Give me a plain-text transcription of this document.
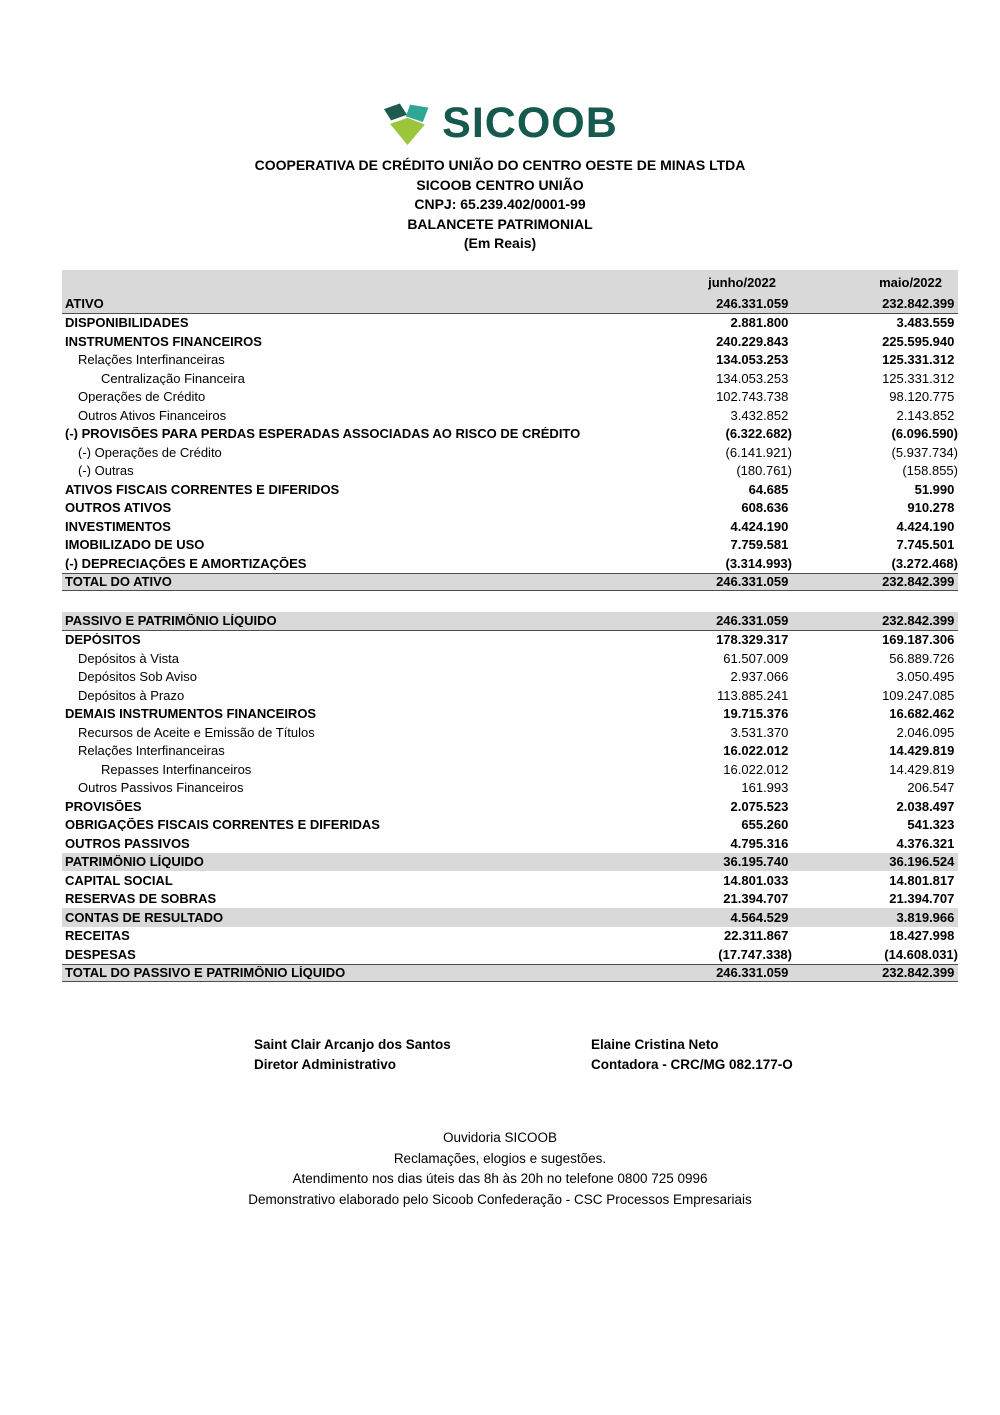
SICOOB
COOPERATIVA DE CRÉDITO UNIÃO DO CENTRO OESTE DE MINAS LTDA
SICOOB CENTRO UNIÃO
CNPJ: 65.239.402/0001-99
BALANCETE PATRIMONIAL
(Em Reais)
junho/2022	maio/2022
ATIVO	246.331.059	232.842.399
DISPONIBILIDADES	2.881.800	3.483.559
INSTRUMENTOS FINANCEIROS	240.229.843	225.595.940
Relações Interfinanceiras	134.053.253	125.331.312
Centralização Financeira	134.053.253	125.331.312
Operações de Crédito	102.743.738	98.120.775
Outros Ativos Financeiros	3.432.852	2.143.852
(-) PROVISÕES PARA PERDAS ESPERADAS ASSOCIADAS AO RISCO DE CRÉDITO	(6.322.682)	(6.096.590)
(-) Operações de Crédito	(6.141.921)	(5.937.734)
(-) Outras	(180.761)	(158.855)
ATIVOS FISCAIS CORRENTES E DIFERIDOS	64.685	51.990
OUTROS ATIVOS	608.636	910.278
INVESTIMENTOS	4.424.190	4.424.190
IMOBILIZADO DE USO	7.759.581	7.745.501
(-) DEPRECIAÇÕES E AMORTIZAÇÕES	(3.314.993)	(3.272.468)
TOTAL DO ATIVO	246.331.059	232.842.399
PASSIVO E PATRIMÔNIO LÍQUIDO	246.331.059	232.842.399
DEPÓSITOS	178.329.317	169.187.306
Depósitos à Vista	61.507.009	56.889.726
Depósitos Sob Aviso	2.937.066	3.050.495
Depósitos à Prazo	113.885.241	109.247.085
DEMAIS INSTRUMENTOS FINANCEIROS	19.715.376	16.682.462
Recursos de Aceite e Emissão de Títulos	3.531.370	2.046.095
Relações Interfinanceiras	16.022.012	14.429.819
Repasses Interfinanceiros	16.022.012	14.429.819
Outros Passivos Financeiros	161.993	206.547
PROVISÕES	2.075.523	2.038.497
OBRIGAÇÕES FISCAIS CORRENTES E DIFERIDAS	655.260	541.323
OUTROS PASSIVOS	4.795.316	4.376.321
PATRIMÔNIO LÍQUIDO	36.195.740	36.196.524
CAPITAL SOCIAL	14.801.033	14.801.817
RESERVAS DE SOBRAS	21.394.707	21.394.707
CONTAS DE RESULTADO	4.564.529	3.819.966
RECEITAS	22.311.867	18.427.998
DESPESAS	(17.747.338)	(14.608.031)
TOTAL DO PASSIVO E PATRIMÔNIO LÍQUIDO	246.331.059	232.842.399
Saint Clair Arcanjo dos Santos
Diretor Administrativo
Elaine Cristina Neto
Contadora - CRC/MG 082.177-O
Ouvidoria SICOOB
Reclamações, elogios e sugestões.
Atendimento nos dias úteis das 8h às 20h no telefone 0800 725 0996
Demonstrativo elaborado pelo Sicoob Confederação - CSC Processos Empresariais
